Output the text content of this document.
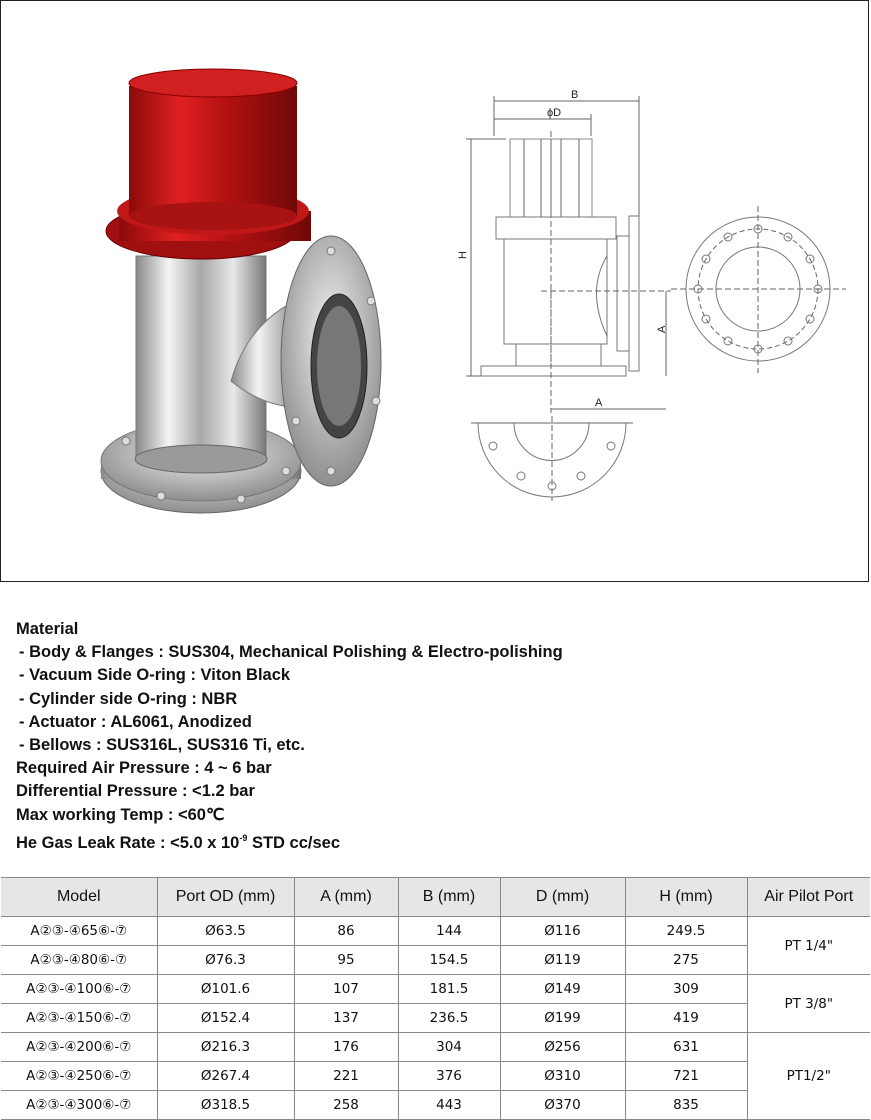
B
ϕD
H
A
A
Material
- Body & Flanges : SUS304, Mechanical Polishing & Electro-polishing
- Vacuum Side O-ring : Viton Black
- Cylinder side O-ring : NBR
- Actuator : AL6061, Anodized
- Bellows : SUS316L, SUS316 Ti, etc.
Required Air Pressure : 4 ~ 6 bar
Differential Pressure : <1.2 bar
Max working Temp : <60℃
He Gas Leak Rate : <5.0 x $10^{-9}$ STD cc/sec
Model	Port OD (mm)	A (mm)	B (mm)	D (mm)	H (mm)	Air Pilot Port
A②③-④65⑥-⑦	Ø63.5	86	144	Ø116	249.5	PT 1/4"
A②③-④80⑥-⑦	Ø76.3	95	154.5	Ø119	275	
A②③-④100⑥-⑦	Ø101.6	107	181.5	Ø149	309	PT 3/8"
A②③-④150⑥-⑦	Ø152.4	137	236.5	Ø199	419	
A②③-④200⑥-⑦	Ø216.3	176	304	Ø256	631	PT1/2"
A②③-④250⑥-⑦	Ø267.4	221	376	Ø310	721	
A②③-④300⑥-⑦	Ø318.5	258	443	Ø370	835	
